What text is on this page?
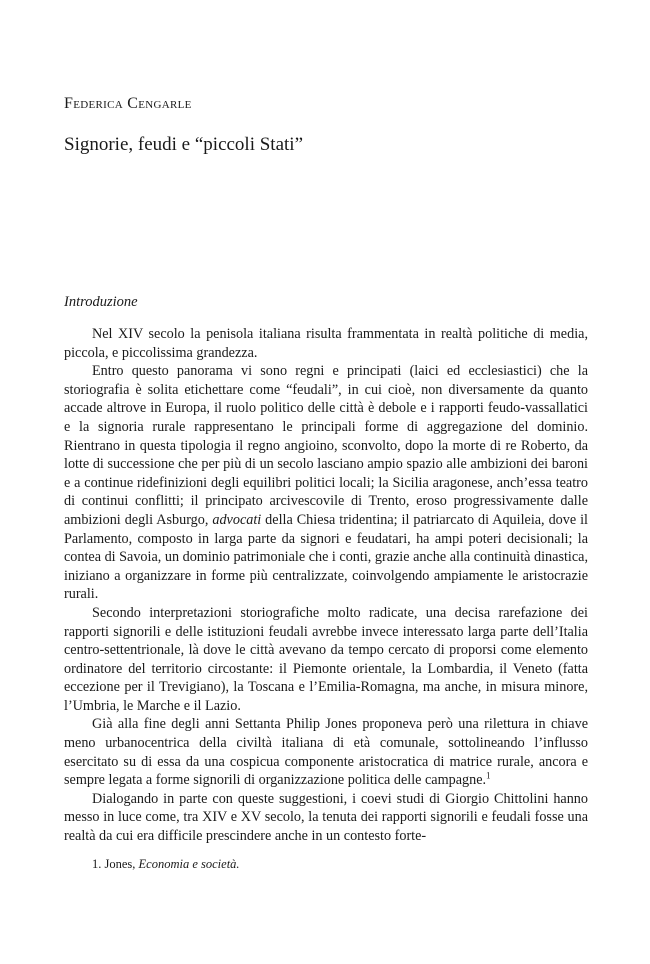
Federica Cengarle
Signorie, feudi e “piccoli Stati”
Introduzione

Nel XIV secolo la penisola italiana risulta frammentata in realtà politiche di media, piccola, e piccolissima grandezza.

Entro questo panorama vi sono regni e principati (laici ed ecclesiastici) che la storiografia è solita etichettare come “feudali”, in cui cioè, non diversamente da quanto accade altrove in Europa, il ruolo politico delle città è debole e i rapporti feudo-vassallatici e la signoria rurale rappresentano le principali forme di aggregazione del dominio. Rientrano in questa tipologia il regno angioino, sconvolto, dopo la morte di re Roberto, da lotte di successione che per più di un secolo lasciano ampio spazio alle ambizioni dei baroni e a continue ridefinizioni degli equilibri politici locali; la Sicilia aragonese, anch’essa teatro di continui conflitti; il principato arcivescovile di Trento, eroso progressivamente dalle ambizioni degli Asburgo, advocati della Chiesa tridentina; il patriarcato di Aquileia, dove il Parlamento, composto in larga parte da signori e feudatari, ha ampi poteri decisionali; la contea di Savoia, un dominio patrimoniale che i conti, grazie anche alla continuità dinastica, iniziano a organizzare in forme più centralizzate, coinvolgendo ampiamente le aristocrazie rurali.

Secondo interpretazioni storiografiche molto radicate, una decisa rarefazione dei rapporti signorili e delle istituzioni feudali avrebbe invece interessato larga parte dell’Italia centro-settentrionale, là dove le città avevano da tempo cercato di proporsi come elemento ordinatore del territorio circostante: il Piemonte orientale, la Lombardia, il Veneto (fatta eccezione per il Trevigiano), la Toscana e l’Emilia-Romagna, ma anche, in misura minore, l’Umbria, le Marche e il Lazio.

Già alla fine degli anni Settanta Philip Jones proponeva però una rilettura in chiave meno urbanocentrica della civiltà italiana di età comunale, sottolineando l’influsso esercitato su di essa da una cospicua componente aristocratica di matrice rurale, ancora e sempre legata a forme signorili di organizzazione politica delle campagne.$^1$

Dialogando in parte con queste suggestioni, i coevi studi di Giorgio Chittolini hanno messo in luce come, tra XIV e XV secolo, la tenuta dei rapporti signorili e feudali fosse una realtà da cui era difficile prescindere anche in un contesto forte-

1. Jones, Economia e società.
